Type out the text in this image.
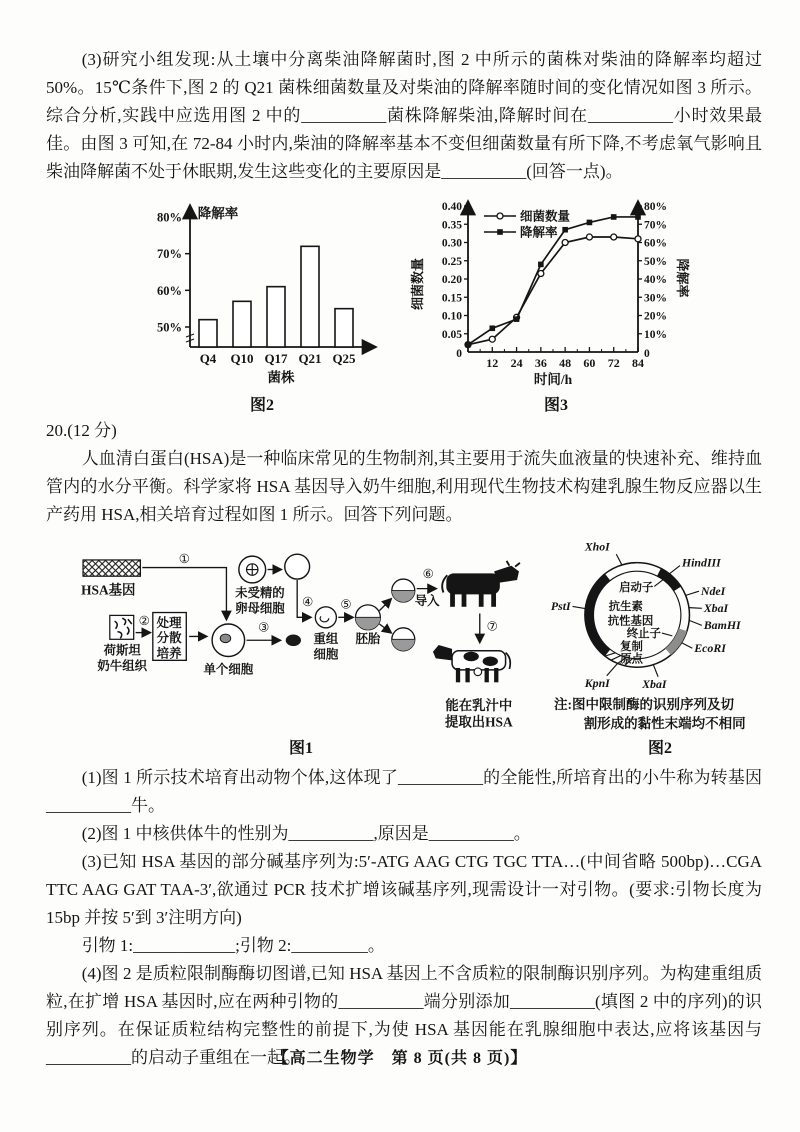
(3)研究小组发现:从土壤中分离柴油降解菌时,图 2 中所示的菌株对柴油的降解率均超过 50%。15℃条件下,图 2 的 Q21 菌株细菌数量及对柴油的降解率随时间的变化情况如图 3 所示。综合分析,实践中应选用图 2 中的__________菌株降解柴油,降解时间在__________小时效果最佳。由图 3 可知,在 72-84 小时内,柴油的降解率基本不变但细菌数量有所下降,不考虑氧气影响且柴油降解菌不处于休眠期,发生这些变化的主要原因是__________(回答一点)。

降解率
50%
60%
70%
80%
Q4 Q10 Q17 Q21 Q25
菌株
图2
0.05
0.10
0.15
0.20
0.25
0.30
0.35
0.40
0
10%
20%
30%
40%
50%
60%
70%
80%
0
12 24 36 48 60 72 84
时间/h
细菌数量	降解率
细菌数量
降解率
图3

20.(12 分)

人血清白蛋白(HSA)是一种临床常见的生物制剂,其主要用于流失血液量的快速补充、维持血管内的水分平衡。科学家将 HSA 基因导入奶牛细胞,利用现代生物技术构建乳腺生物反应器以生产药用 HSA,相关培育过程如图 1 所示。回答下列问题。

HSA基因
①
未受精的
卵母细胞
②
荷斯坦
奶牛组织
处理
分散
培养
单个细胞
③
④
重组
细胞
⑤
胚胎
⑥
导入
⑦
能在乳汁中
提取出HSA
图1
XhoI
HindIII
NdeI
XbaI
BamHI
EcoRI
XbaI
KpnI
PstI
启动子
抗生素
抗性基因
终止子
复制
原点
注:图中限制酶的识别序列及切
割形成的黏性末端均不相同
图2

(1)图 1 所示技术培育出动物个体,这体现了__________的全能性,所培育出的小牛称为转基因__________牛。

(2)图 1 中核供体牛的性别为__________,原因是__________。

(3)已知 HSA 基因的部分碱基序列为:5′-ATG AAG CTG TGC TTA…(中间省略 500bp)…CGA TTC AAG GAT TAA-3′,欲通过 PCR 技术扩增该碱基序列,现需设计一对引物。(要求:引物长度为 15bp 并按 5′到 3′注明方向)

引物 1:____________;引物 2:_________。

(4)图 2 是质粒限制酶酶切图谱,已知 HSA 基因上不含质粒的限制酶识别序列。为构建重组质粒,在扩增 HSA 基因时,应在两种引物的__________端分别添加__________(填图 2 中的序列)的识别序列。在保证质粒结构完整性的前提下,为使 HSA 基因能在乳腺细胞中表达,应将该基因与__________的启动子重组在一起。

【高二生物学　第 8 页(共 8 页)】
